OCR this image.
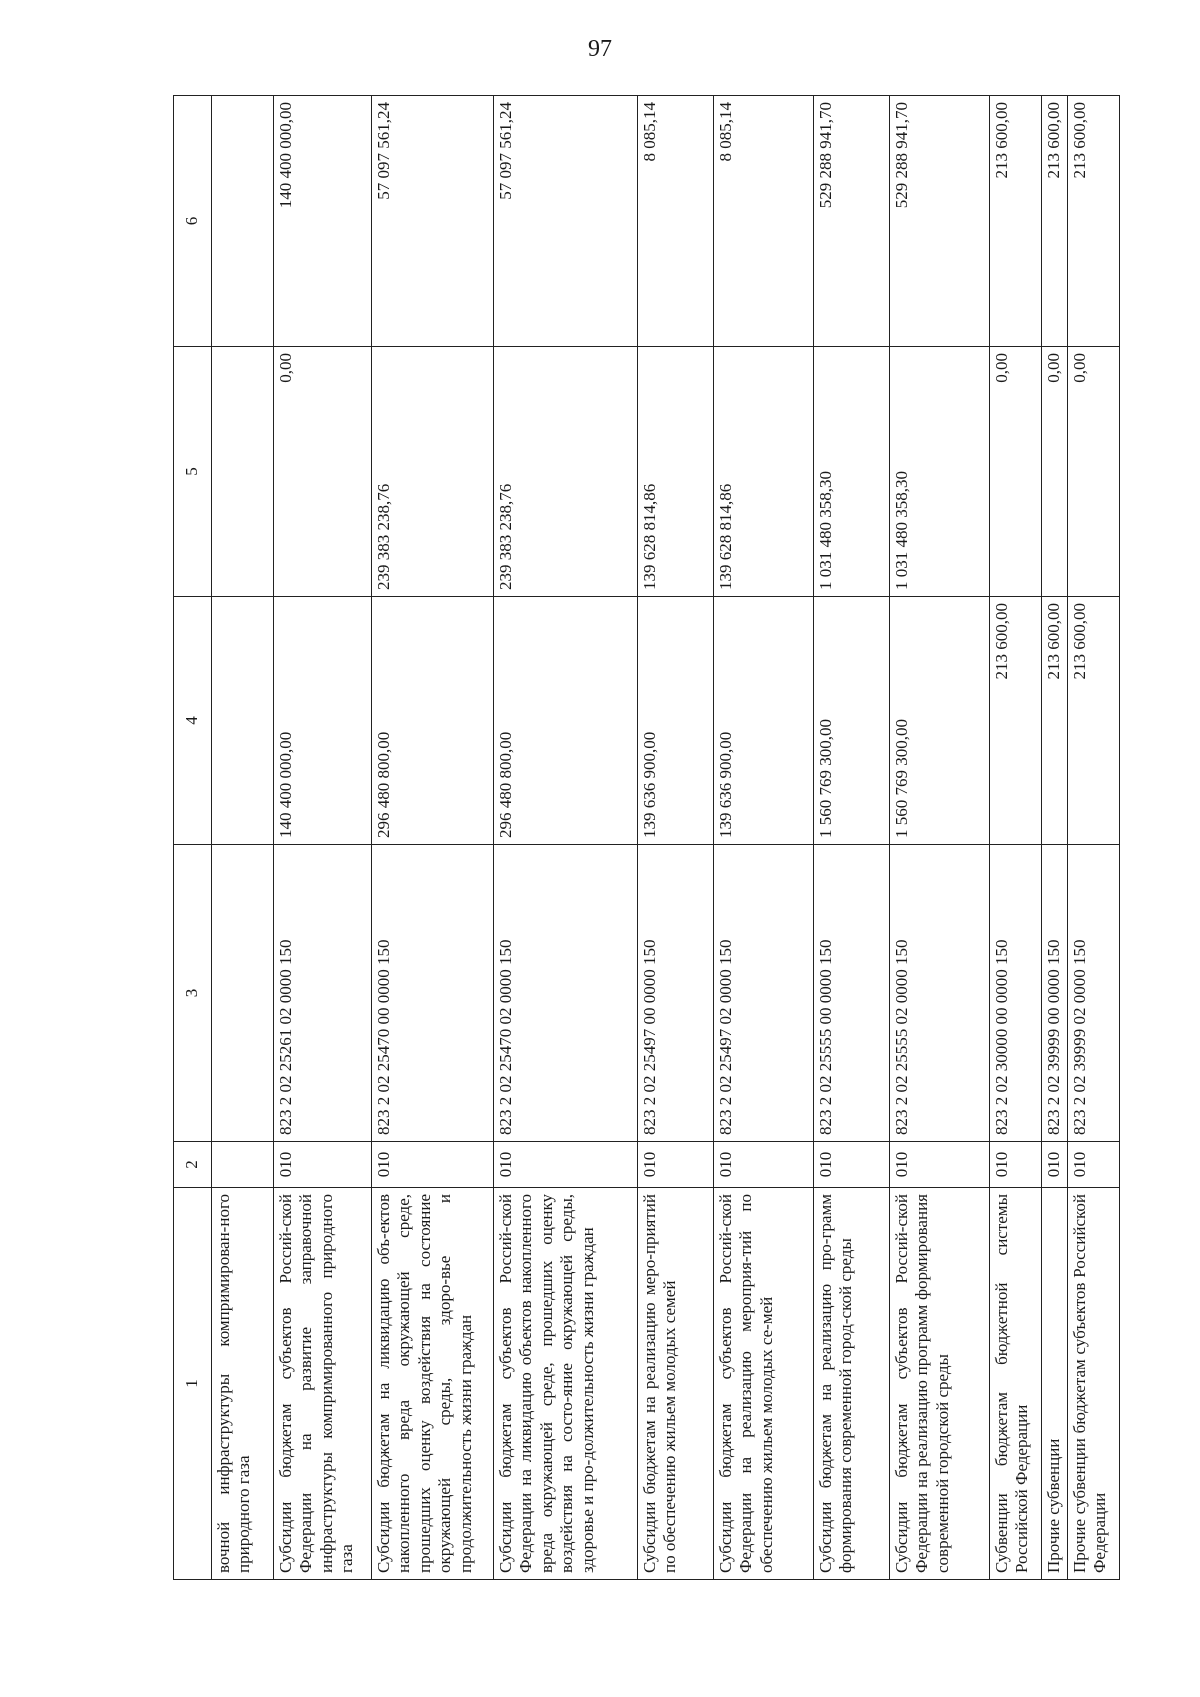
97
1	2	3	4	5	6
вочной инфраструктуры компримирован-ного природного газа					
Субсидии бюджетам субъектов Россий-ской Федерации на развитие заправочной инфраструктуры компримированного природного газа	010	823 2 02 25261 02 0000 150	140 400 000,00	0,00	140 400 000,00
Субсидии бюджетам на ликвидацию объ-ектов накопленного вреда окружающей среде, прошедших оценку воздействия на состояние окружающей среды, здоро-вье и продолжительность жизни граждан	010	823 2 02 25470 00 0000 150	296 480 800,00	239 383 238,76	57 097 561,24
Субсидии бюджетам субъектов Россий-ской Федерации на ликвидацию объектов накопленного вреда окружающей среде, прошедших оценку воздействия на состо-яние окружающей среды, здоровье и про-должительность жизни граждан	010	823 2 02 25470 02 0000 150	296 480 800,00	239 383 238,76	57 097 561,24
Субсидии бюджетам на реализацию меро-приятий по обеспечению жильем молодых семей	010	823 2 02 25497 00 0000 150	139 636 900,00	139 628 814,86	8 085,14
Субсидии бюджетам субъектов Россий-ской Федерации на реализацию мероприя-тий по обеспечению жильем молодых се-мей	010	823 2 02 25497 02 0000 150	139 636 900,00	139 628 814,86	8 085,14
Субсидии бюджетам на реализацию про-грамм формирования современной город-ской среды	010	823 2 02 25555 00 0000 150	1 560 769 300,00	1 031 480 358,30	529 288 941,70
Субсидии бюджетам субъектов Россий-ской Федерации на реализацию программ формирования современной городской среды	010	823 2 02 25555 02 0000 150	1 560 769 300,00	1 031 480 358,30	529 288 941,70
Субвенции бюджетам бюджетной системы Российской Федерации	010	823 2 02 30000 00 0000 150	213 600,00	0,00	213 600,00
Прочие субвенции	010	823 2 02 39999 00 0000 150	213 600,00	0,00	213 600,00
Прочие субвенции бюджетам субъектов Российской Федерации	010	823 2 02 39999 02 0000 150	213 600,00	0,00	213 600,00
